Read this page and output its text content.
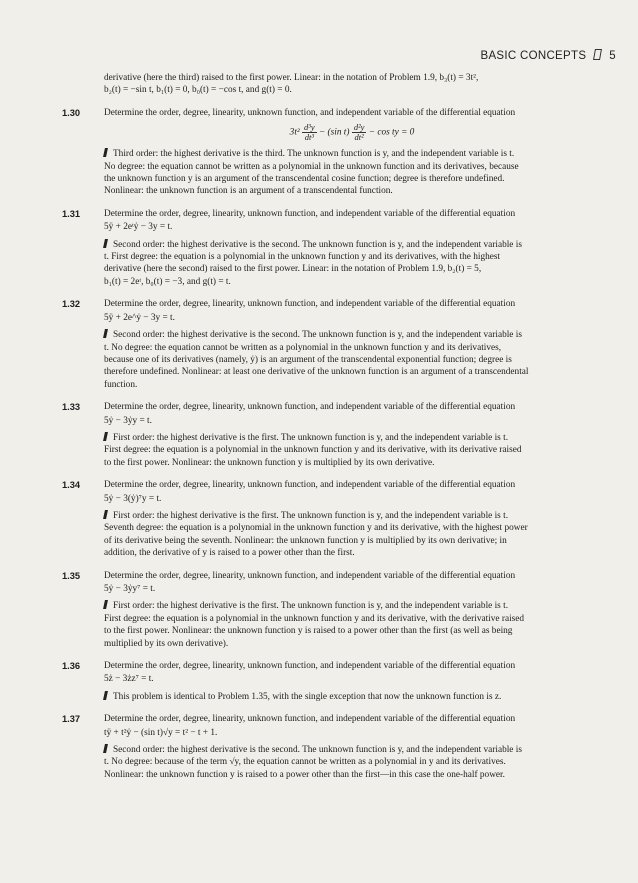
BASIC CONCEPTS 5
derivative (here the third) raised to the first power. Linear: in the notation of Problem 1.9, b₃(t) = 3t²,
b₂(t) = −sin t, b₁(t) = 0, b₀(t) = −cos t, and g(t) = 0.
1.30	Determine the order, degree, linearity, unknown function, and independent variable of the differential equation

$3t^2 \frac{\text{d³y}}{\text{dt³}} - (\sin$ $t) \frac{\text{d²y}}{\text{dt²}} - \cos$ ty = 0
Third order: the highest derivative is the third. The unknown function is y, and the independent variable is t.
No degree: the equation cannot be written as a polynomial in the unknown function and its derivatives, because
the unknown function y is an argument of the transcendental cosine function; degree is therefore undefined.
Nonlinear: the unknown function is an argument of a transcendental function.
1.31	Determine the order, degree, linearity, unknown function, and independent variable of the differential equation

5ÿ + 2eᵗẏ − 3y = t.

Second order: the highest derivative is the second. The unknown function is y, and the independent variable is
t. First degree: the equation is a polynomial in the unknown function y and its derivatives, with the highest
derivative (here the second) raised to the first power. Linear: in the notation of Problem 1.9, b₂(t) = 5,
b₁(t) = 2eᵗ, b₀(t) = −3, and g(t) = t.
1.32	Determine the order, degree, linearity, unknown function, and independent variable of the differential equation

5ÿ + 2e^ẏ − 3y = t.

Second order: the highest derivative is the second. The unknown function is y, and the independent variable is
t. No degree: the equation cannot be written as a polynomial in the unknown function y and its derivatives,
because one of its derivatives (namely, ẏ) is an argument of the transcendental exponential function; degree is
therefore undefined. Nonlinear: at least one derivative of the unknown function is an argument of a transcendental
function.
1.33	Determine the order, degree, linearity, unknown function, and independent variable of the differential equation

5ẏ − 3ẏy = t.

First order: the highest derivative is the first. The unknown function is y, and the independent variable is t.
First degree: the equation is a polynomial in the unknown function y and its derivative, with its derivative raised
to the first power. Nonlinear: the unknown function y is multiplied by its own derivative.
1.34	Determine the order, degree, linearity, unknown function, and independent variable of the differential equation

5ẏ − 3(ẏ)⁷y = t.

First order: the highest derivative is the first. The unknown function is y, and the independent variable is t.
Seventh degree: the equation is a polynomial in the unknown function y and its derivative, with the highest power
of its derivative being the seventh. Nonlinear: the unknown function y is multiplied by its own derivative; in
addition, the derivative of y is raised to a power other than the first.
1.35	Determine the order, degree, linearity, unknown function, and independent variable of the differential equation

5ẏ − 3ẏy⁷ = t.

First order: the highest derivative is the first. The unknown function is y, and the independent variable is t.
First degree: the equation is a polynomial in the unknown function y and its derivative, with the derivative raised
to the first power. Nonlinear: the unknown function y is raised to a power other than the first (as well as being
multiplied by its own derivative).
1.36	Determine the order, degree, linearity, unknown function, and independent variable of the differential equation

5ż − 3żz⁷ = t.

This problem is identical to Problem 1.35, with the single exception that now the unknown function is z.
1.37	Determine the order, degree, linearity, unknown function, and independent variable of the differential equation

tÿ + t²ẏ − (sin t)√y = t² − t + 1.

Second order: the highest derivative is the second. The unknown function is y, and the independent variable is
t. No degree: because of the term √y, the equation cannot be written as a polynomial in y and its derivatives.
Nonlinear: the unknown function y is raised to a power other than the first—in this case the one-half power.
